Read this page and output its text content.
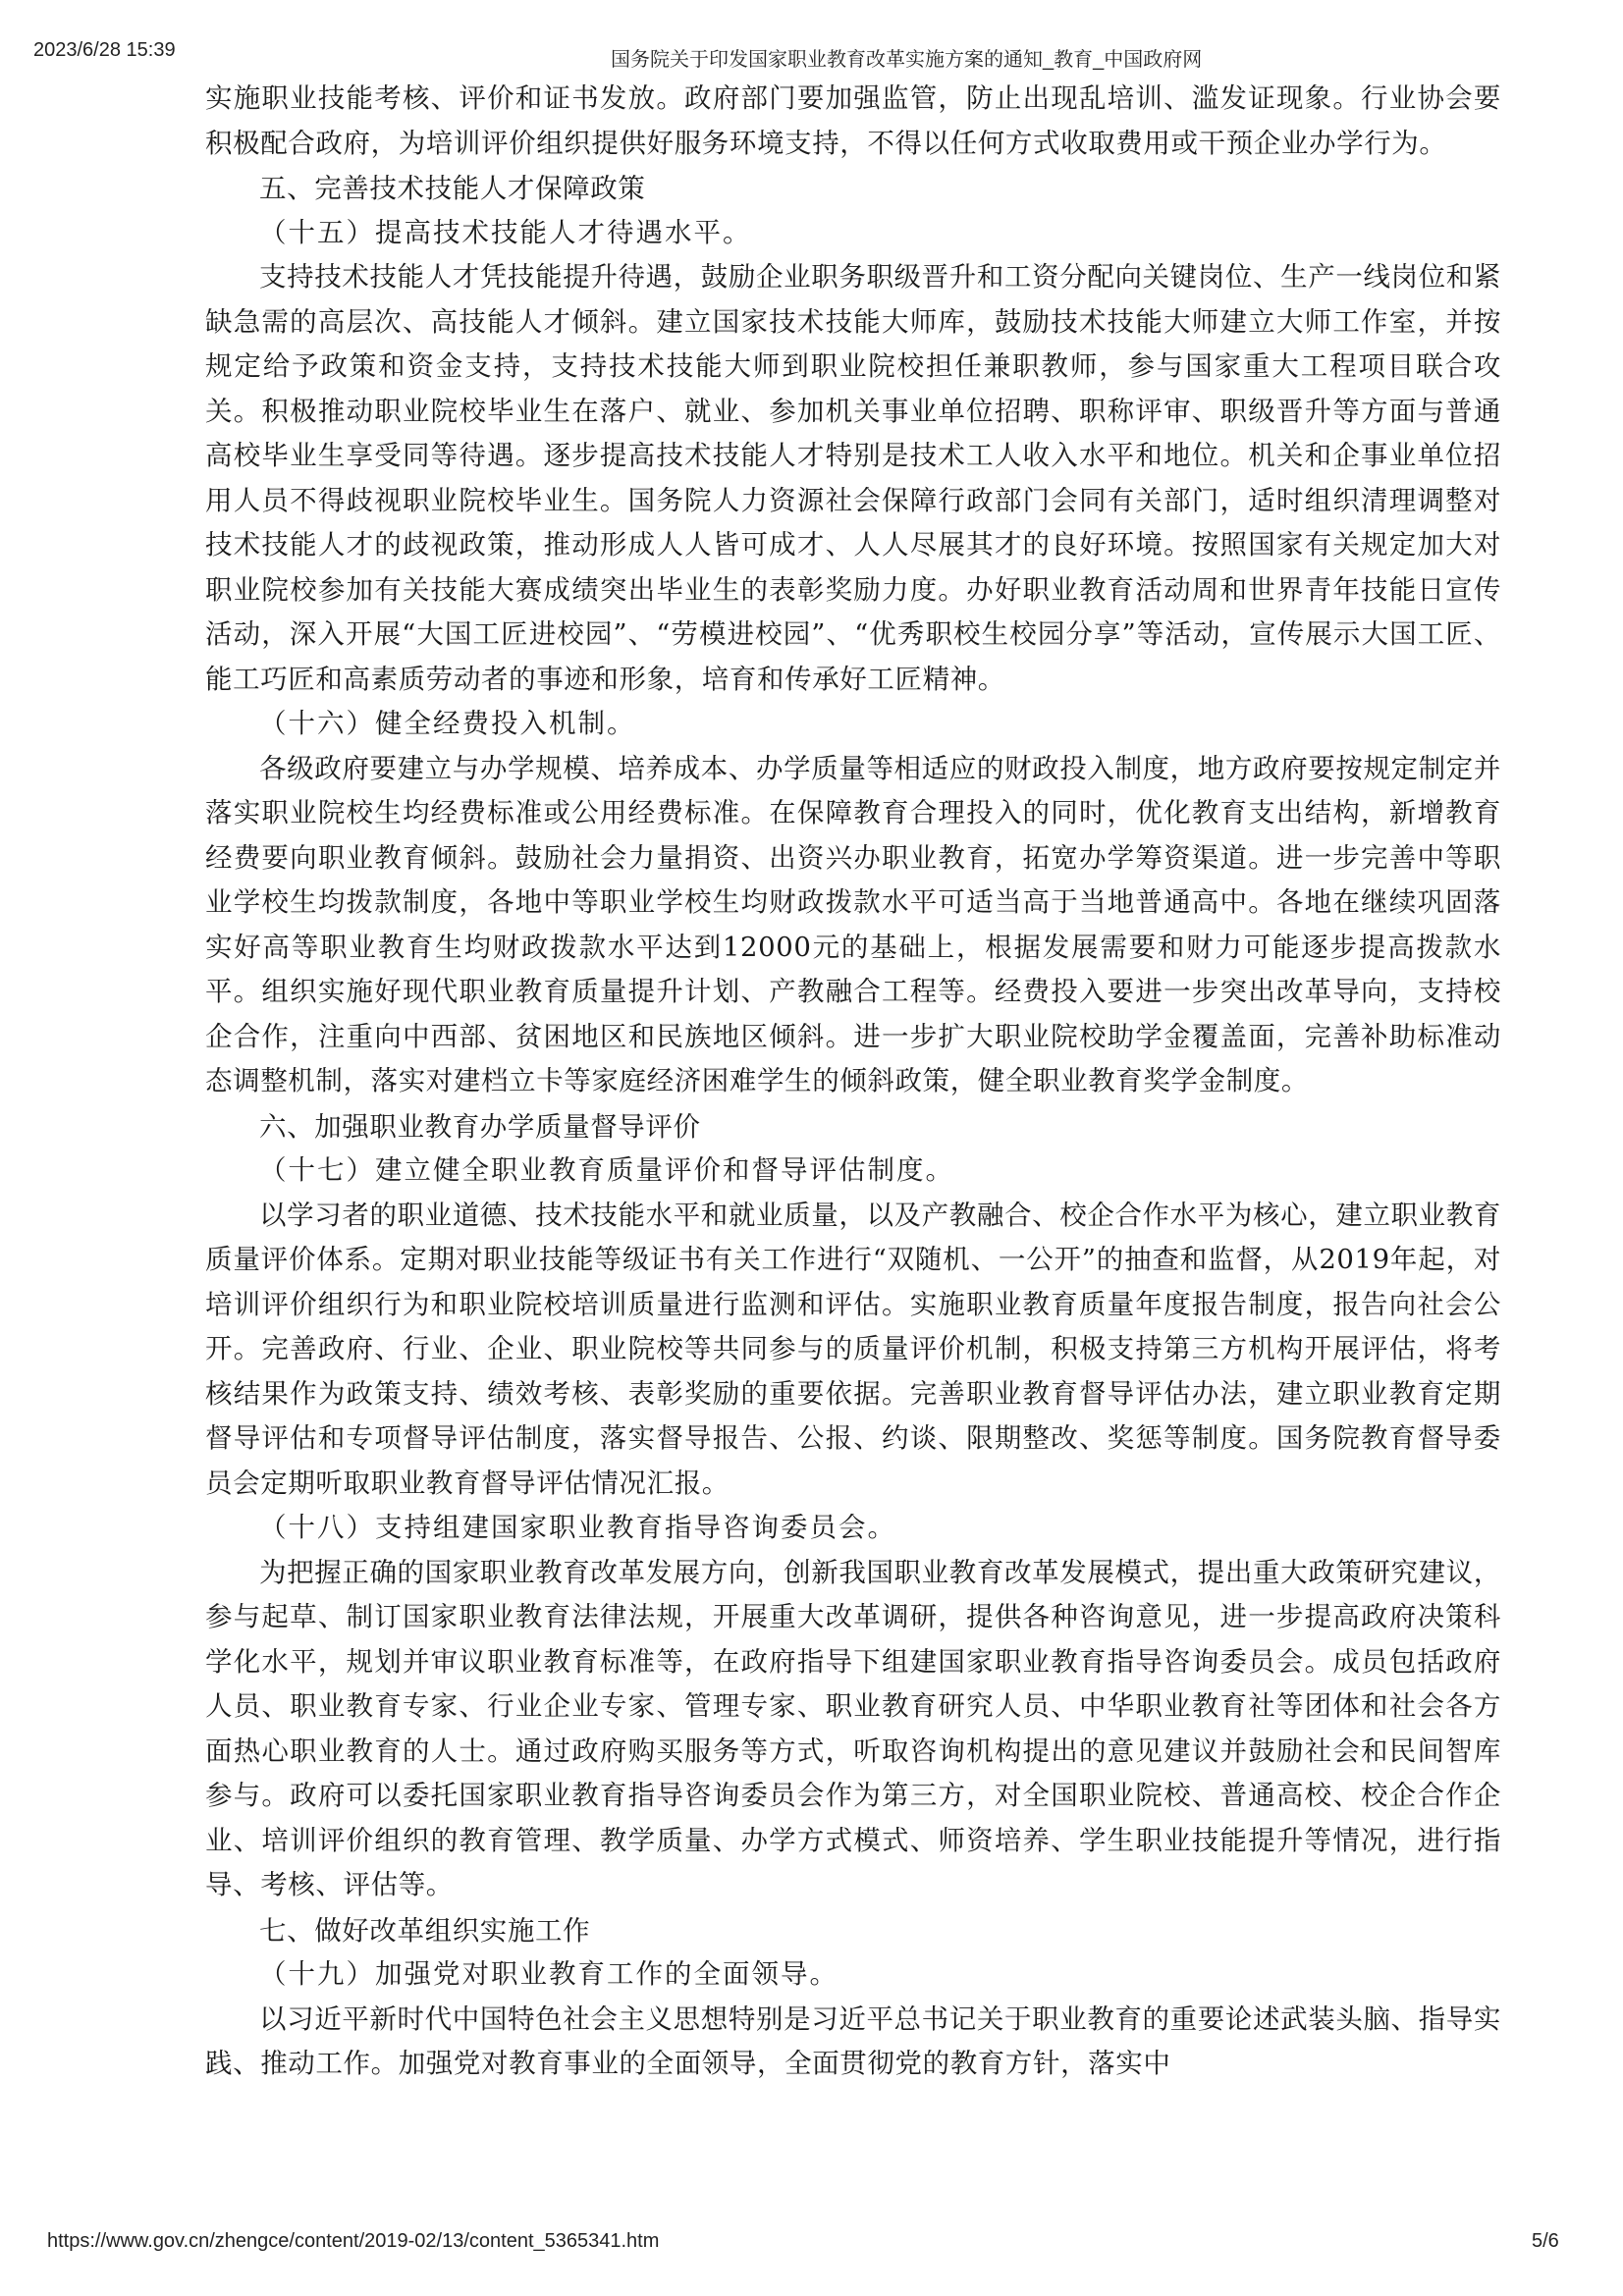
2023/6/28 15:39	国务院关于印发国家职业教育改革实施方案的通知_教育_中国政府网

实施职业技能考核、评价和证书发放。政府部门要加强监管，防止出现乱培训、滥发证现象。行业协会要积极配合政府，为培训评价组织提供好服务环境支持，不得以任何方式收取费用或干预企业办学行为。

五、完善技术技能人才保障政策

（十五）提高技术技能人才待遇水平。

支持技术技能人才凭技能提升待遇，鼓励企业职务职级晋升和工资分配向关键岗位、生产一线岗位和紧缺急需的高层次、高技能人才倾斜。建立国家技术技能大师库，鼓励技术技能大师建立大师工作室，并按规定给予政策和资金支持，支持技术技能大师到职业院校担任兼职教师，参与国家重大工程项目联合攻关。积极推动职业院校毕业生在落户、就业、参加机关事业单位招聘、职称评审、职级晋升等方面与普通高校毕业生享受同等待遇。逐步提高技术技能人才特别是技术工人收入水平和地位。机关和企事业单位招用人员不得歧视职业院校毕业生。国务院人力资源社会保障行政部门会同有关部门，适时组织清理调整对技术技能人才的歧视政策，推动形成人人皆可成才、人人尽展其才的良好环境。按照国家有关规定加大对职业院校参加有关技能大赛成绩突出毕业生的表彰奖励力度。办好职业教育活动周和世界青年技能日宣传活动，深入开展“大国工匠进校园”、“劳模进校园”、“优秀职校生校园分享”等活动，宣传展示大国工匠、能工巧匠和高素质劳动者的事迹和形象，培育和传承好工匠精神。

（十六）健全经费投入机制。

各级政府要建立与办学规模、培养成本、办学质量等相适应的财政投入制度，地方政府要按规定制定并落实职业院校生均经费标准或公用经费标准。在保障教育合理投入的同时，优化教育支出结构，新增教育经费要向职业教育倾斜。鼓励社会力量捐资、出资兴办职业教育，拓宽办学筹资渠道。进一步完善中等职业学校生均拨款制度，各地中等职业学校生均财政拨款水平可适当高于当地普通高中。各地在继续巩固落实好高等职业教育生均财政拨款水平达到12000元的基础上，根据发展需要和财力可能逐步提高拨款水平。组织实施好现代职业教育质量提升计划、产教融合工程等。经费投入要进一步突出改革导向，支持校企合作，注重向中西部、贫困地区和民族地区倾斜。进一步扩大职业院校助学金覆盖面，完善补助标准动态调整机制，落实对建档立卡等家庭经济困难学生的倾斜政策，健全职业教育奖学金制度。

六、加强职业教育办学质量督导评价

（十七）建立健全职业教育质量评价和督导评估制度。

以学习者的职业道德、技术技能水平和就业质量，以及产教融合、校企合作水平为核心，建立职业教育质量评价体系。定期对职业技能等级证书有关工作进行“双随机、一公开”的抽查和监督，从2019年起，对培训评价组织行为和职业院校培训质量进行监测和评估。实施职业教育质量年度报告制度，报告向社会公开。完善政府、行业、企业、职业院校等共同参与的质量评价机制，积极支持第三方机构开展评估，将考核结果作为政策支持、绩效考核、表彰奖励的重要依据。完善职业教育督导评估办法，建立职业教育定期督导评估和专项督导评估制度，落实督导报告、公报、约谈、限期整改、奖惩等制度。国务院教育督导委员会定期听取职业教育督导评估情况汇报。

（十八）支持组建国家职业教育指导咨询委员会。

为把握正确的国家职业教育改革发展方向，创新我国职业教育改革发展模式，提出重大政策研究建议，参与起草、制订国家职业教育法律法规，开展重大改革调研，提供各种咨询意见，进一步提高政府决策科学化水平，规划并审议职业教育标准等，在政府指导下组建国家职业教育指导咨询委员会。成员包括政府人员、职业教育专家、行业企业专家、管理专家、职业教育研究人员、中华职业教育社等团体和社会各方面热心职业教育的人士。通过政府购买服务等方式，听取咨询机构提出的意见建议并鼓励社会和民间智库参与。政府可以委托国家职业教育指导咨询委员会作为第三方，对全国职业院校、普通高校、校企合作企业、培训评价组织的教育管理、教学质量、办学方式模式、师资培养、学生职业技能提升等情况，进行指导、考核、评估等。

七、做好改革组织实施工作

（十九）加强党对职业教育工作的全面领导。

以习近平新时代中国特色社会主义思想特别是习近平总书记关于职业教育的重要论述武装头脑、指导实践、推动工作。加强党对教育事业的全面领导，全面贯彻党的教育方针，落实中

https://www.gov.cn/zhengce/content/2019-02/13/content_5365341.htm	5/6
